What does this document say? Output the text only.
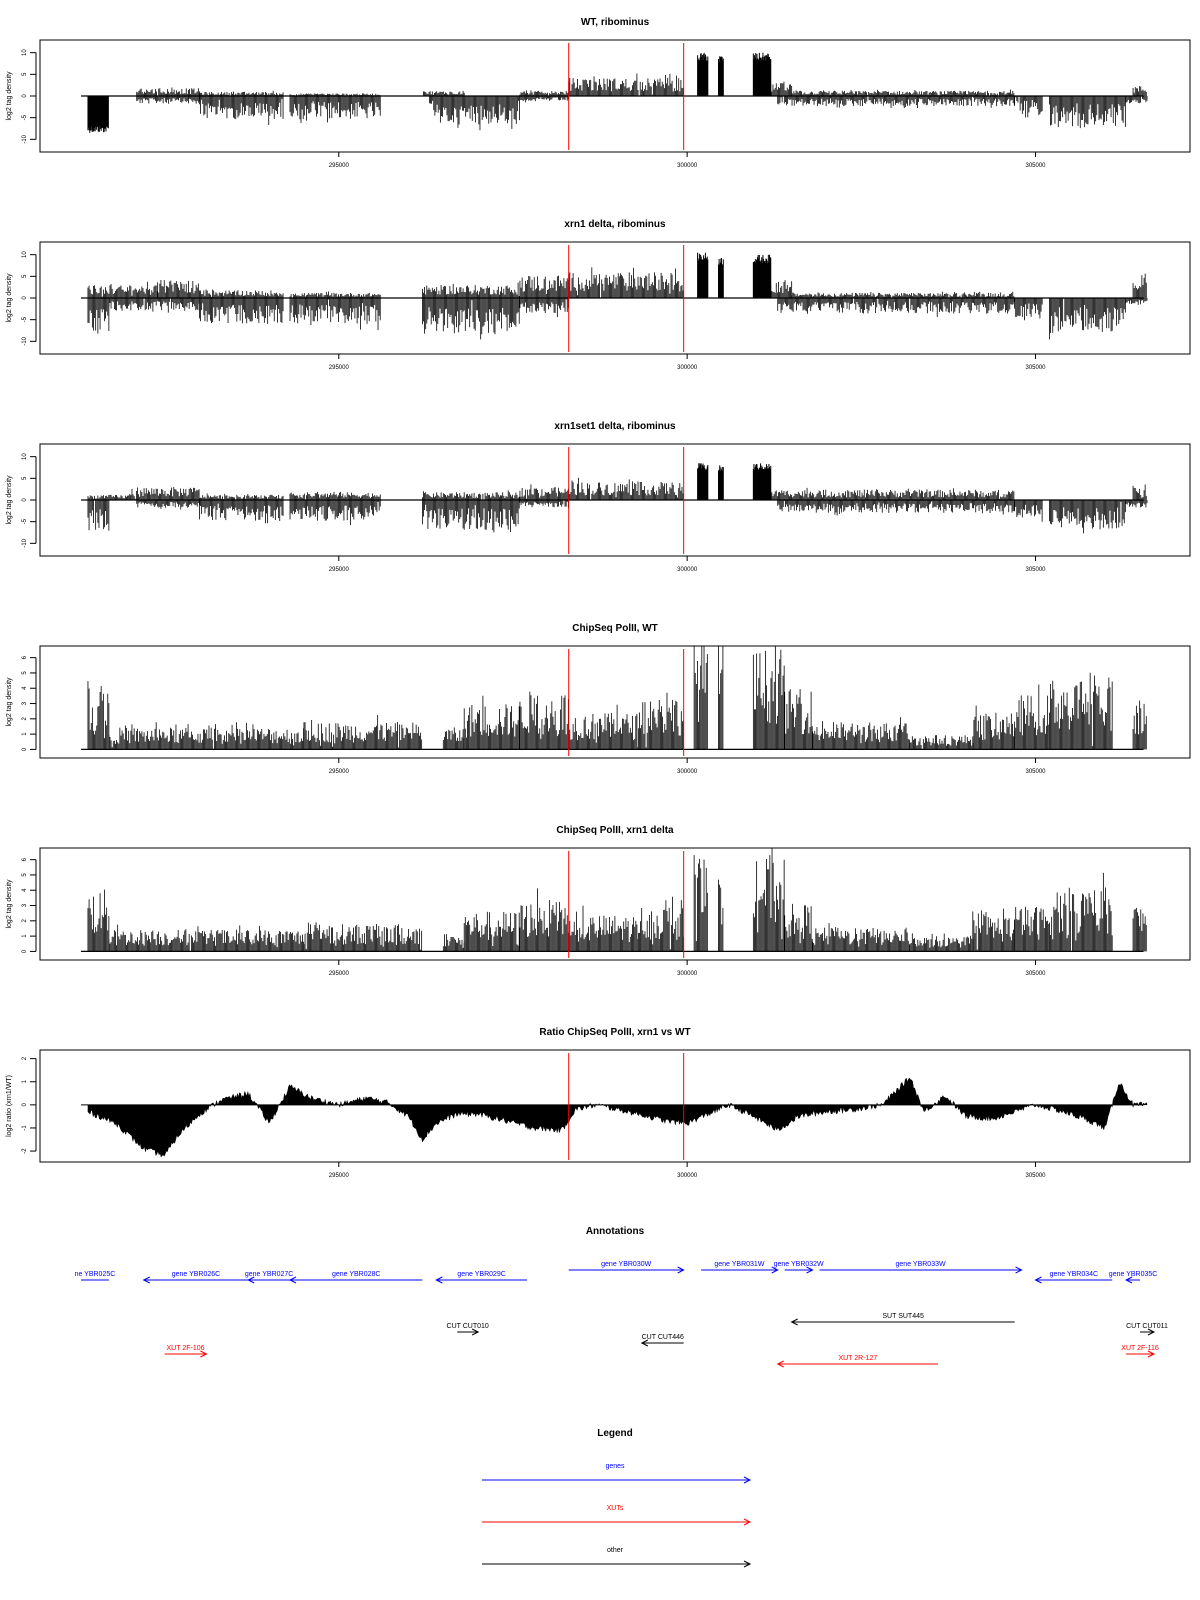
WT, ribominus
log2 tag density
-10
-5
0
5
10
295000	300000	305000
xrn1 delta, ribominus
log2 tag density
-10
-5
0
5
10
295000	300000	305000
xrn1set1 delta, ribominus
log2 tag density
-10
-5
0
5
10
295000	300000	305000
ChipSeq PolII, WT
log2 tag density
0
1
2
3
4
5
6
295000	300000	305000
ChipSeq PolII, xrn1 delta
log2 tag density
0
1
2
3
4
5
6
295000	300000	305000
Ratio ChipSeq PolII, xrn1 vs WT
log2 ratio (xrn1/WT)
-2
-1
0
1
2
295000	300000	305000
Annotations
ne YBR025C	gene YBR026C	gene YBR027C	gene YBR028C	gene YBR029C
gene YBR030W	gene YBR031W gene YBR032W	gene YBR033W
gene YBR034C gene YBR035C
SUT SUT445
CUT CUT010	CUT CUT011
CUT CUT446
XUT 2F-106
XUT 2R-127
XUT 2F-116
Legend
genes
XUTs
other
